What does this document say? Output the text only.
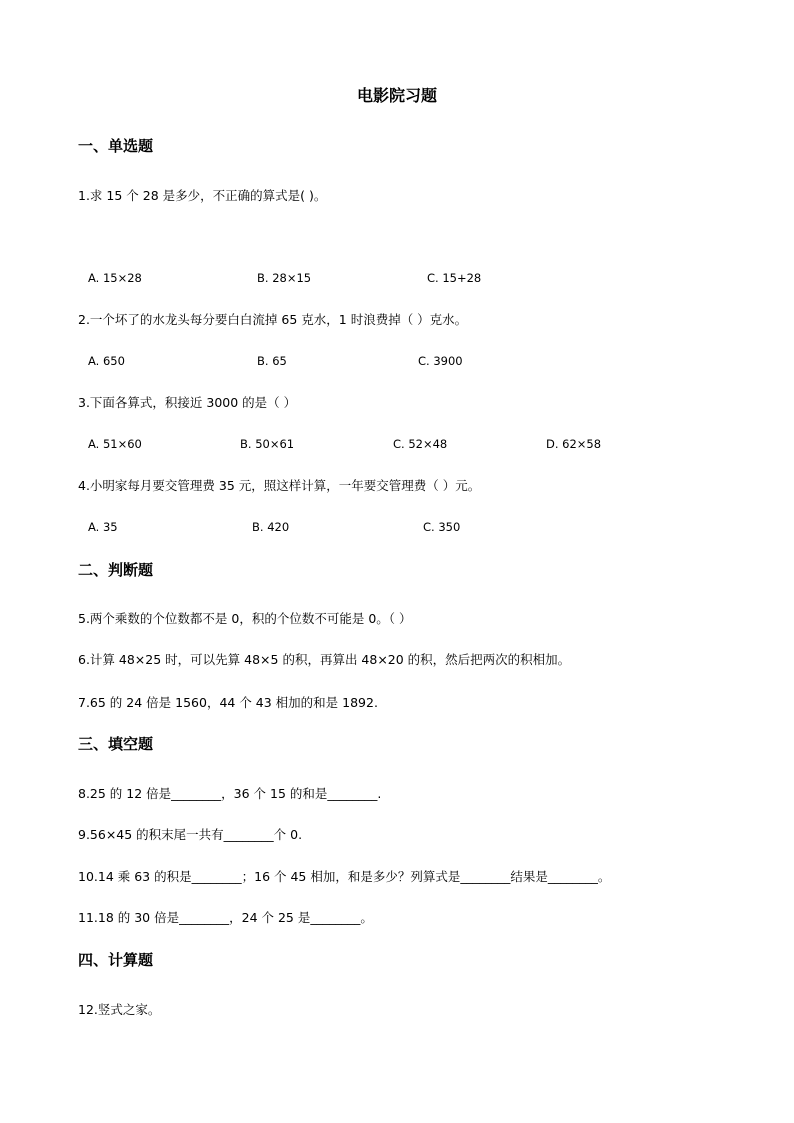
电影院习题
一、单选题
1.求 15 个 28 是多少，不正确的算式是( )。
A. 15×28	B. 28×15	C. 15+28
2.一个坏了的水龙头每分要白白流掉 65 克水，1 时浪费掉（ ）克水。
A. 650	B. 65	C. 3900
3.下面各算式，积接近 3000 的是（ ）
A. 51×60	B. 50×61	C. 52×48	D. 62×58
4.小明家每月要交管理费 35 元，照这样计算，一年要交管理费（ ）元。
A. 35	B. 420	C. 350
二、判断题
5.两个乘数的个位数都不是 0，积的个位数不可能是 0。（ ）
6.计算 48×25 时，可以先算 48×5 的积，再算出 48×20 的积，然后把两次的积相加。
7.65 的 24 倍是 1560，44 个 43 相加的和是 1892.
三、填空题
8.25 的 12 倍是________，36 个 15 的和是________.
9.56×45 的积末尾一共有________个 0.
10.14 乘 63 的积是________；16 个 45 相加，和是多少？列算式是________结果是________。
11.18 的 30 倍是________，24 个 25 是________。
四、计算题
12.竖式之家。
